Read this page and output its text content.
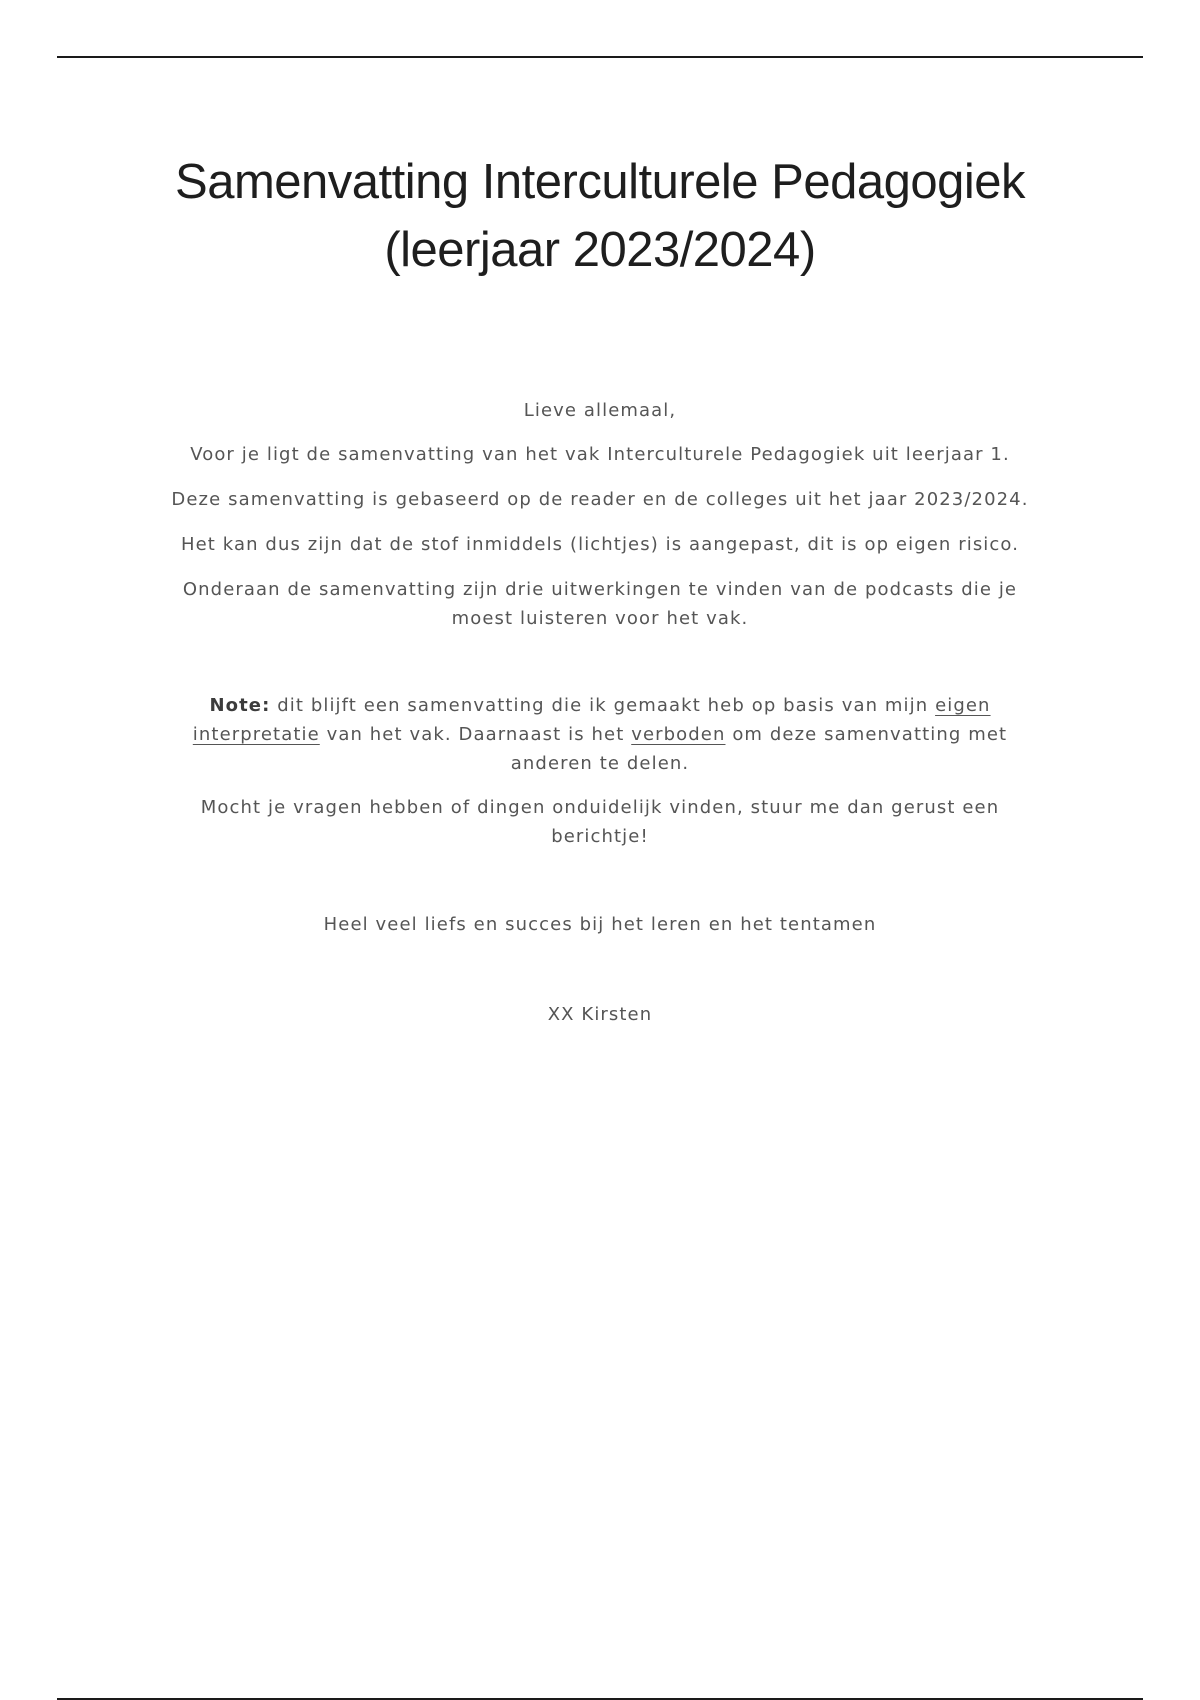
Samenvatting Interculturele Pedagogiek
(leerjaar 2023/2024)

Lieve allemaal,

Voor je ligt de samenvatting van het vak Interculturele Pedagogiek uit leerjaar 1.

Deze samenvatting is gebaseerd op de reader en de colleges uit het jaar 2023/2024.

Het kan dus zijn dat de stof inmiddels (lichtjes) is aangepast, dit is op eigen risico.

Onderaan de samenvatting zijn drie uitwerkingen te vinden van de podcasts die je moest luisteren voor het vak.

Note: dit blijft een samenvatting die ik gemaakt heb op basis van mijn eigen interpretatie van het vak. Daarnaast is het verboden om deze samenvatting met anderen te delen.

Mocht je vragen hebben of dingen onduidelijk vinden, stuur me dan gerust een berichtje!

Heel veel liefs en succes bij het leren en het tentamen

XX Kirsten
